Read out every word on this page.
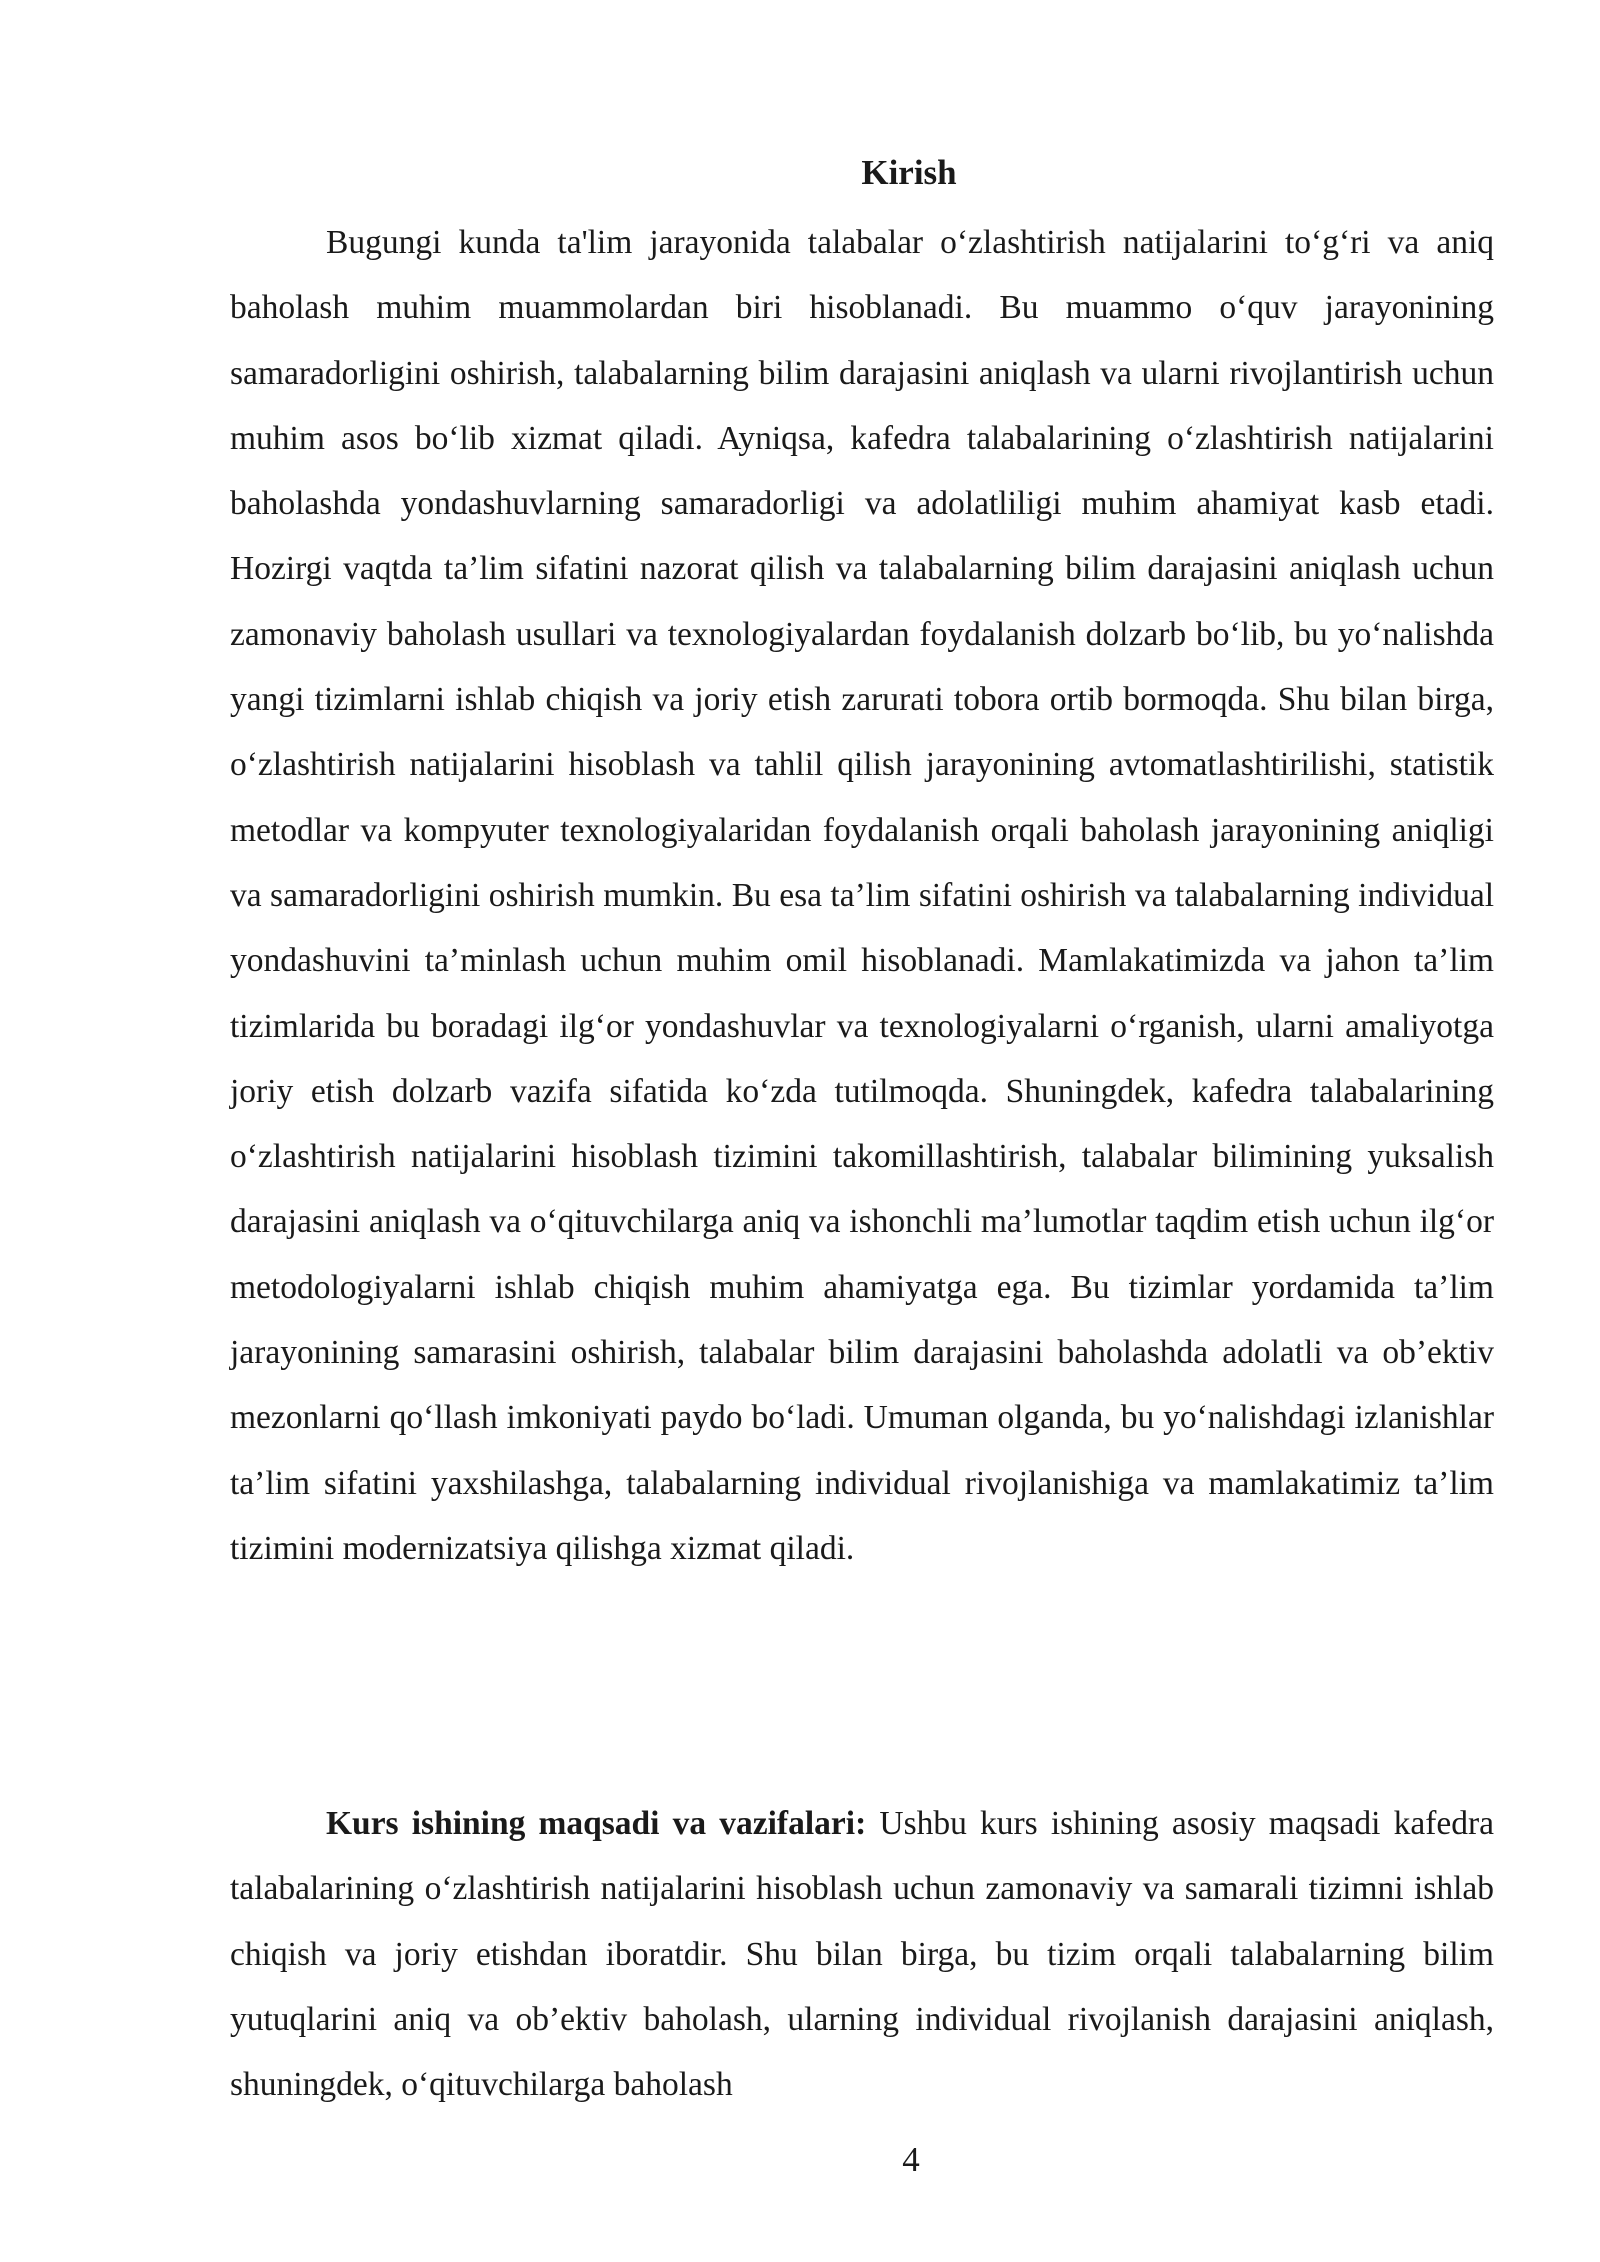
Kirish

Bugungi kunda ta'lim jarayonida talabalar o‘zlashtirish natijalarini to‘g‘ri va aniq baholash muhim muammolardan biri hisoblanadi. Bu muammo o‘quv jarayonining samaradorligini oshirish, talabalarning bilim darajasini aniqlash va ularni rivojlantirish uchun muhim asos bo‘lib xizmat qiladi. Ayniqsa, kafedra talabalarining o‘zlashtirish natijalarini baholashda yondashuvlarning samaradorligi va adolatliligi muhim ahamiyat kasb etadi. Hozirgi vaqtda ta’lim sifatini nazorat qilish va talabalarning bilim darajasini aniqlash uchun zamonaviy baholash usullari va texnologiyalardan foydalanish dolzarb bo‘lib, bu yo‘nalishda yangi tizimlarni ishlab chiqish va joriy etish zarurati tobora ortib bormoqda. Shu bilan birga, o‘zlashtirish natijalarini hisoblash va tahlil qilish jarayonining avtomatlashtirilishi, statistik metodlar va kompyuter texnologiyalaridan foydalanish orqali baholash jarayonining aniqligi va samaradorligini oshirish mumkin. Bu esa ta’lim sifatini oshirish va talabalarning individual yondashuvini ta’minlash uchun muhim omil hisoblanadi. Mamlakatimizda va jahon ta’lim tizimlarida bu boradagi ilg‘or yondashuvlar va texnologiyalarni o‘rganish, ularni amaliyotga joriy etish dolzarb vazifa sifatida ko‘zda tutilmoqda. Shuningdek, kafedra talabalarining o‘zlashtirish natijalarini hisoblash tizimini takomillashtirish, talabalar bilimining yuksalish darajasini aniqlash va o‘qituvchilarga aniq va ishonchli ma’lumotlar taqdim etish uchun ilg‘or metodologiyalarni ishlab chiqish muhim ahamiyatga ega. Bu tizimlar yordamida ta’lim jarayonining samarasini oshirish, talabalar bilim darajasini baholashda adolatli va ob’ektiv mezonlarni qo‘llash imkoniyati paydo bo‘ladi. Umuman olganda, bu yo‘nalishdagi izlanishlar ta’lim sifatini yaxshilashga, talabalarning individual rivojlanishiga va mamlakatimiz ta’lim tizimini modernizatsiya qilishga xizmat qiladi.

Kurs ishining maqsadi va vazifalari: Ushbu kurs ishining asosiy maqsadi kafedra talabalarining o‘zlashtirish natijalarini hisoblash uchun zamonaviy va samarali tizimni ishlab chiqish va joriy etishdan iboratdir. Shu bilan birga, bu tizim orqali talabalarning bilim yutuqlarini aniq va ob’ektiv baholash, ularning individual rivojlanish darajasini aniqlash, shuningdek, o‘qituvchilarga baholash

4
